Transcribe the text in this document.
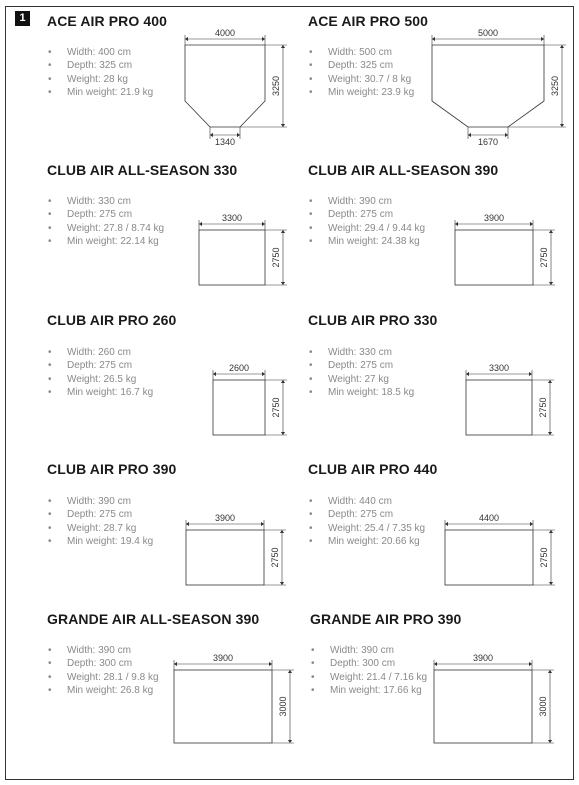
1	ACE AIR PRO 400
• Width: 400 cm
• Depth: 325 cm
• Weight: 28 kg
• Min weight: 21.9 kg
1340
3250
4000
ACE AIR PRO 500
• Width: 500 cm
• Depth: 325 cm
• Weight: 30.7 / 8 kg
• Min weight: 23.9 kg
1670
3250
5000
CLUB AIR ALL-SEASON 330
• Width: 330 cm
• Depth: 275 cm
• Weight: 27.8 / 8.74 kg
• Min weight: 22.14 kg
2750
3300
CLUB AIR ALL-SEASON 390
• Width: 390 cm
• Depth: 275 cm
• Weight: 29.4 / 9.44 kg
• Min weight: 24.38 kg
2750
3900
CLUB AIR PRO 260
• Width: 260 cm
• Depth: 275 cm
• Weight: 26.5 kg
• Min weight: 16.7 kg
2750
2600
CLUB AIR PRO 330
• Width: 330 cm
• Depth: 275 cm
• Weight: 27 kg
• Min weight: 18.5 kg
2750
3300
CLUB AIR PRO 390
• Width: 390 cm
• Depth: 275 cm
• Weight: 28.7 kg
• Min weight: 19.4 kg
2750
3900
CLUB AIR PRO 440
• Width: 440 cm
• Depth: 275 cm
• Weight: 25.4 / 7.35 kg
• Min weight: 20.66 kg
2750
4400
GRANDE AIR ALL-SEASON 390
• Width: 390 cm
• Depth: 300 cm
• Weight: 28.1 / 9.8 kg
• Min weight: 26.8 kg
3000
3900
GRANDE AIR PRO 390
• Width: 390 cm
• Depth: 300 cm
• Weight: 21.4 / 7.16 kg
• Min weight: 17.66 kg
3000
3900
